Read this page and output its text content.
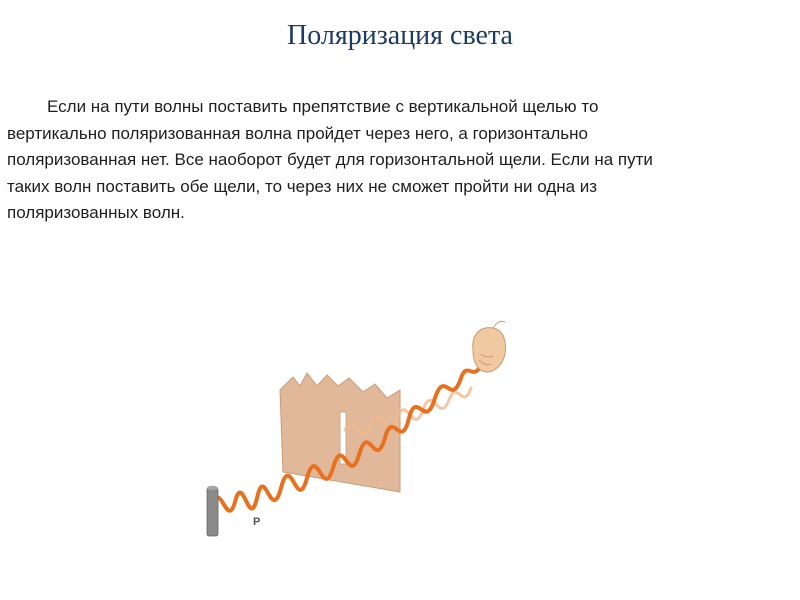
Поляризация света

Если на пути волны поставить препятствие с вертикальной щелью то
вертикально поляризованная волна пройдет через него, а горизонтально
поляризованная нет. Все наоборот будет для горизонтальной щели. Если на пути
таких волн поставить обе щели, то через них не сможет пройти ни одна из
поляризованных волн.

P
